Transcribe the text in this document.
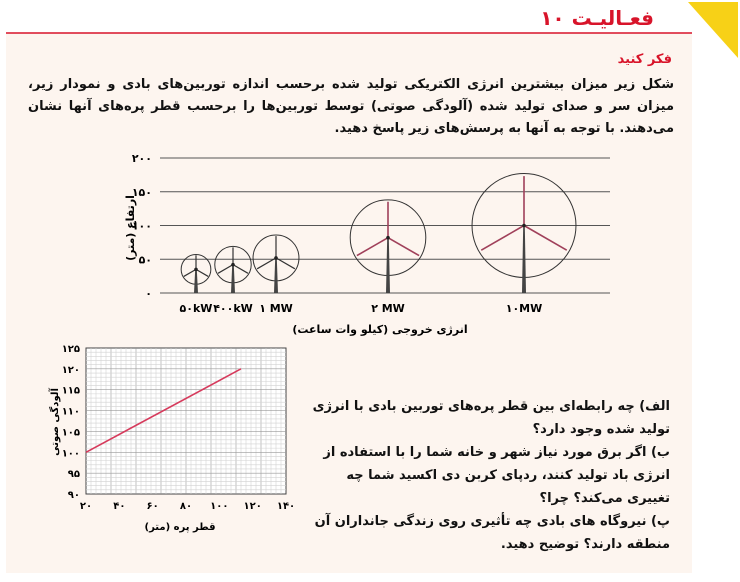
فعـالیـت ۱۰
فکر کنید
شکل زیر میزان بیشترین انرژی الکتریکی تولید شده برحسب اندازه توربین‌های بادی و نمودار زیر، میزان سر و صدای تولید شده (آلودگی صوتی) توسط توربین‌ها را برحسب قطر پره‌های آنها نشان می‌دهند. با توجه به آنها به پرسش‌های زیر پاسخ دهید.
۰
۵۰
۱۰۰
۱۵۰
۲۰۰
۵۰kW ۴۰۰kW ۱ MW	۲ MW	۱۰MW
ارتفاع (متر)
انرژی خروجی (کیلو وات ساعت)
۹۰
۹۵
۱۰۰
۱۰۵
۱۱۰
۱۱۵
۱۲۰
۱۲۵
۲۰ ۴۰ ۶۰ ۸۰ ۱۰۰ ۱۲۰ ۱۴۰
آلودگی صوتی
قطر پره (متر)

الف) چه رابطه‌ای بین قطر پره‌های توربین بادی با انرژی تولید شده وجود دارد؟

ب) اگر برق مورد نیاز شهر و خانه شما را با استفاده از انرژی باد تولید کنند، ردپای کربن دی اکسید شما چه تغییری می‌کند؟ چرا؟

پ) نیروگاه های بادی چه تأثیری روی زندگی جانداران آن منطقه دارند؟ توضیح دهید.
